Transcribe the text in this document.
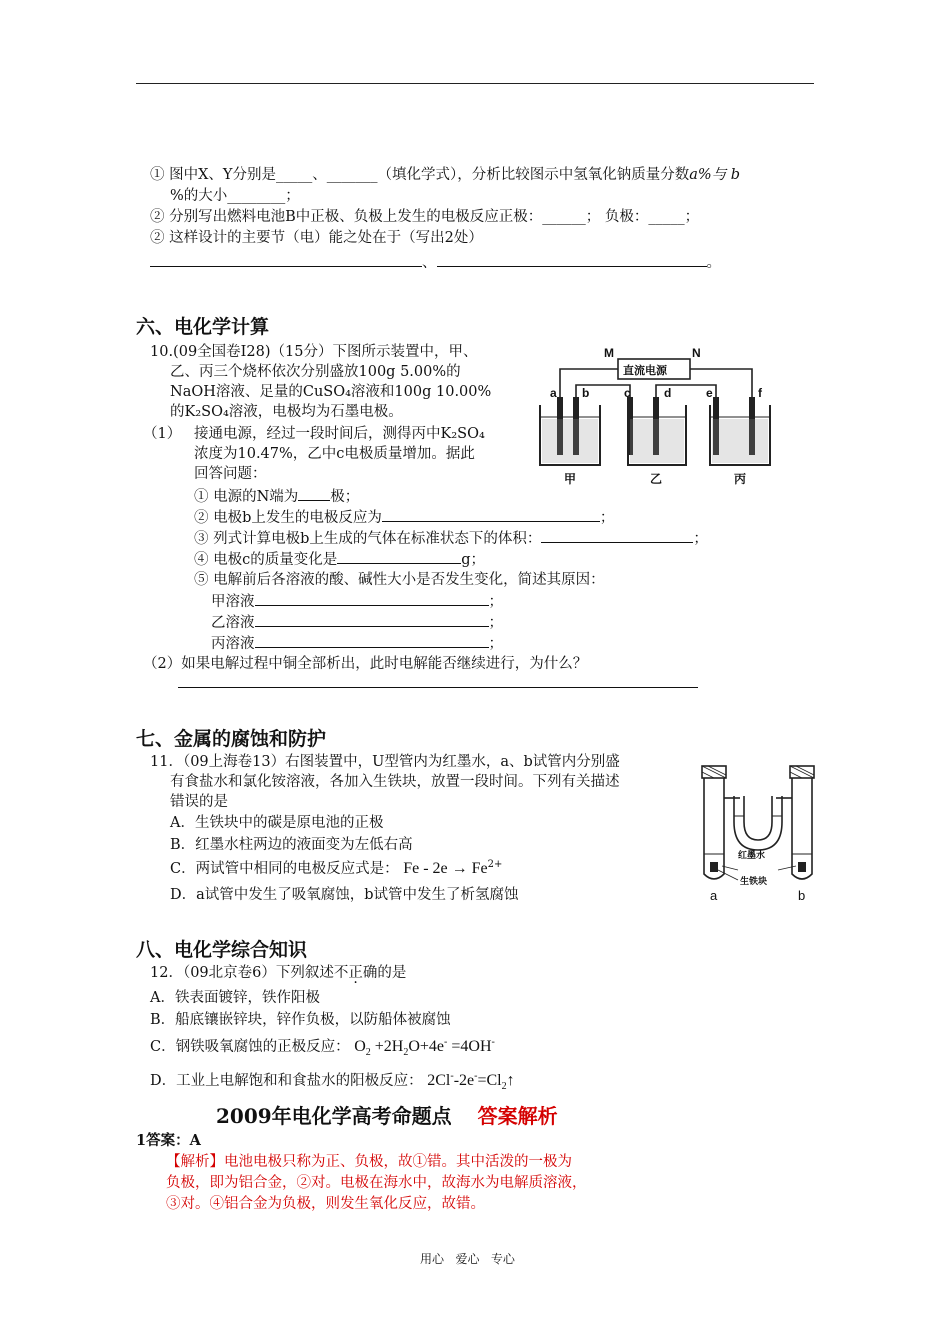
① 图中X、Y分别是_____、_______（填化学式），分析比较图示中氢氧化钠质量分数a%与 b
%的大小________；
② 分别写出燃料电池B中正极、负极上发生的电极反应正极：______； 负极：_____；
② 这样设计的主要节（电）能之处在于（写出2处）
、	。
六、电化学计算
10.(09全国卷Ⅰ28)（15分）下图所示装置中，甲、
乙、丙三个烧杯依次分别盛放100g 5.00%的
NaOH溶液、足量的CuSO₄溶液和100g 10.00%
的K₂SO₄溶液，电极均为石墨电极。
（1） 接通电源，经过一段时间后，测得丙中K₂SO₄
浓度为10.47%，乙中c电极质量增加。据此
回答问题：
① 电源的N端为 极；
② 电极b上发生的电极反应为	；
③ 列式计算电极b上生成的气体在标准状态下的体积：	；
④ 电极c的质量变化是	g；
⑤ 电解前后各溶液的酸、碱性大小是否发生变化，简述其原因：
甲溶液	；
乙溶液	；
丙溶液	；
（2）如果电解过程中铜全部析出，此时电解能否继续进行，为什么？
M	N
直流电源
a b	c	d	e	f
甲	乙	丙
七、金属的腐蚀和防护
11．（09上海卷13）右图装置中，U型管内为红墨水，a、b试管内分别盛
有食盐水和氯化铵溶液，各加入生铁块，放置一段时间。下列有关描述
错误的是
A．生铁块中的碳是原电池的正极
B．红墨水柱两边的液面变为左低右高
C．两试管中相同的电极反应式是： $Fe - 2e \to Fe^{2+}$
D．a试管中发生了吸氧腐蚀，b试管中发生了析氢腐蚀
红墨水
生铁块
a	b
八、电化学综合知识
12．（09北京卷6）下列叙述不正确的是
A．铁表面镀锌，铁作阳极
B．船底镶嵌锌块，锌作负极，以防船体被腐蚀
C．钢铁吸氧腐蚀的正极反应： $O_2 +2H_2O+4e^- =4OH^-$
D．工业上电解饱和和食盐水的阳极反应： $2Cl^--2e^-=Cl_2↑$
2009年电化学高考命题点 答案解析
1答案：A
【解析】电池电极只称为正、负极，故①错。其中活泼的一极为
负极，即为铝合金，②对。电极在海水中，故海水为电解质溶液，
③对。④铝合金为负极，则发生氧化反应，故错。
用心   爱心   专心
